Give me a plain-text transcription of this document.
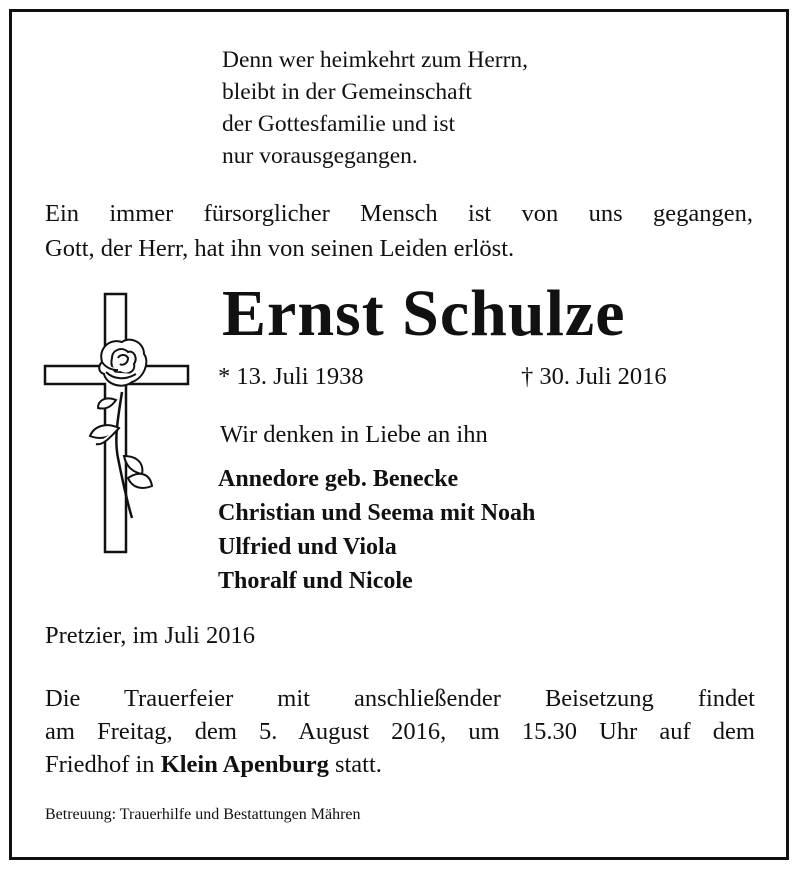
Denn wer heimkehrt zum Herrn,
bleibt in der Gemeinschaft
der Gottesfamilie und ist
nur vorausgegangen.
Ein immer fürsorglicher Mensch ist von uns gegangen,
Gott, der Herr, hat ihn von seinen Leiden erlöst.
Ernst Schulze
* 13. Juli 1938	† 30. Juli 2016
Wir denken in Liebe an ihn
Annedore geb. Benecke
Christian und Seema mit Noah
Ulfried und Viola
Thoralf und Nicole
Pretzier, im Juli 2016
Die Trauerfeier mit anschließender Beisetzung findet
am Freitag, dem 5. August 2016, um 15.30 Uhr auf dem
Friedhof in Klein Apenburg statt.
Betreuung: Trauerhilfe und Bestattungen Mähren
